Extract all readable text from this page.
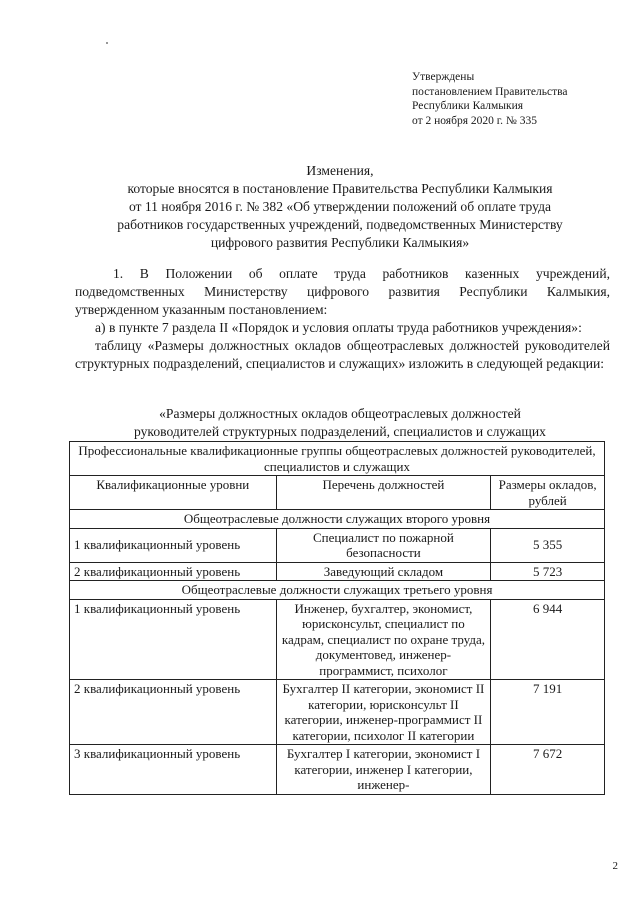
Утверждены
постановлением Правительства
Республики Калмыкия
от 2 ноября 2020 г. № 335
Изменения,
которые вносятся в постановление Правительства Республики Калмыкия
от 11 ноября 2016 г. № 382 «Об утверждении положений об оплате труда
работников государственных учреждений, подведомственных Министерству
цифрового развития Республики Калмыкия»

1. В Положении об оплате труда работников казенных учреждений, подведомственных Министерству цифрового развития Республики Калмыкия, утвержденном указанным постановлением:

а) в пункте 7 раздела II «Порядок и условия оплаты труда работников учреждения»:

таблицу «Размеры должностных окладов общеотраслевых должностей руководителей структурных подразделений, специалистов и служащих» изложить в следующей редакции:

«Размеры должностных окладов общеотраслевых должностей
руководителей структурных подразделений, специалистов и служащих
Профессиональные квалификационные группы общеотраслевых должностей руководителей, специалистов и служащих		
Квалификационные уровни	Перечень должностей	Размеры окладов, рублей
Общеотраслевые должности служащих второго уровня		
1 квалификационный уровень	Специалист по пожарной безопасности	5 355
2 квалификационный уровень	Заведующий складом	5 723
Общеотраслевые должности служащих третьего уровня		
1 квалификационный уровень	Инженер, бухгалтер, экономист, юрисконсульт, специалист по кадрам, специалист по охране труда, документовед, инженер-программист, психолог	6 944
2 квалификационный уровень	Бухгалтер II категории, экономист II категории, юрисконсульт II категории, инженер-программист II категории, психолог II категории	7 191
3 квалификационный уровень	Бухгалтер I категории, экономист I категории, инженер I категории, инженер-	7 672
2
